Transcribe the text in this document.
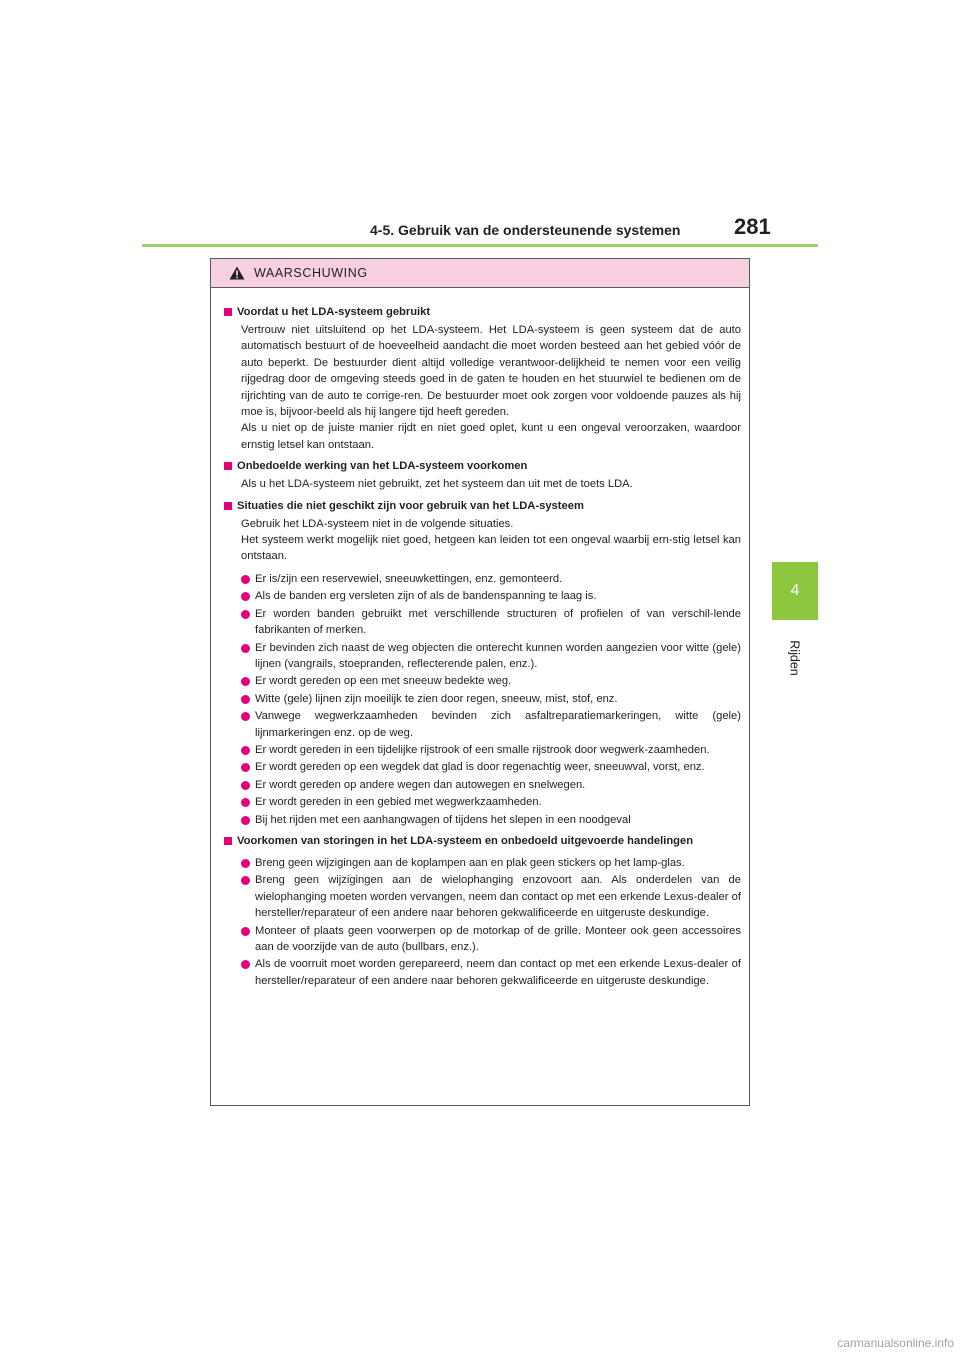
4-5. Gebruik van de ondersteunende systemen	281
4
Rijden
WAARSCHUWING
Voordat u het LDA-systeem gebruikt

Vertrouw niet uitsluitend op het LDA-systeem. Het LDA-systeem is geen systeem dat de auto automatisch bestuurt of de hoeveelheid aandacht die moet worden besteed aan het gebied vóór de auto beperkt. De bestuurder dient altijd volledige verantwoor-delijkheid te nemen voor een veilig rijgedrag door de omgeving steeds goed in de gaten te houden en het stuurwiel te bedienen om de rijrichting van de auto te corrige-ren. De bestuurder moet ook zorgen voor voldoende pauzes als hij moe is, bijvoor-beeld als hij langere tijd heeft gereden.
Als u niet op de juiste manier rijdt en niet goed oplet, kunt u een ongeval veroorzaken, waardoor ernstig letsel kan ontstaan.

Onbedoelde werking van het LDA-systeem voorkomen

Als u het LDA-systeem niet gebruikt, zet het systeem dan uit met de toets LDA.

Situaties die niet geschikt zijn voor gebruik van het LDA-systeem

Gebruik het LDA-systeem niet in de volgende situaties.
Het systeem werkt mogelijk niet goed, hetgeen kan leiden tot een ongeval waarbij ern-stig letsel kan ontstaan.

Er is/zijn een reservewiel, sneeuwkettingen, enz. gemonteerd.
Als de banden erg versleten zijn of als de bandenspanning te laag is.
Er worden banden gebruikt met verschillende structuren of profielen of van verschil-lende fabrikanten of merken.
Er bevinden zich naast de weg objecten die onterecht kunnen worden aangezien voor witte (gele) lijnen (vangrails, stoepranden, reflecterende palen, enz.).
Er wordt gereden op een met sneeuw bedekte weg.
Witte (gele) lijnen zijn moeilijk te zien door regen, sneeuw, mist, stof, enz.
Vanwege wegwerkzaamheden bevinden zich asfaltreparatiemarkeringen, witte (gele) lijnmarkeringen enz. op de weg.
Er wordt gereden in een tijdelijke rijstrook of een smalle rijstrook door wegwerk-zaamheden.
Er wordt gereden op een wegdek dat glad is door regenachtig weer, sneeuwval, vorst, enz.
Er wordt gereden op andere wegen dan autowegen en snelwegen.
Er wordt gereden in een gebied met wegwerkzaamheden.
Bij het rijden met een aanhangwagen of tijdens het slepen in een noodgeval
Voorkomen van storingen in het LDA-systeem en onbedoeld uitgevoerde handelingen
Breng geen wijzigingen aan de koplampen aan en plak geen stickers op het lamp-glas.
Breng geen wijzigingen aan de wielophanging enzovoort aan. Als onderdelen van de wielophanging moeten worden vervangen, neem dan contact op met een erkende Lexus-dealer of hersteller/reparateur of een andere naar behoren gekwalificeerde en uitgeruste deskundige.
Monteer of plaats geen voorwerpen op de motorkap of de grille. Monteer ook geen accessoires aan de voorzijde van de auto (bullbars, enz.).
Als de voorruit moet worden gerepareerd, neem dan contact op met een erkende Lexus-dealer of hersteller/reparateur of een andere naar behoren gekwalificeerde en uitgeruste deskundige.
carmanualsonline.info
